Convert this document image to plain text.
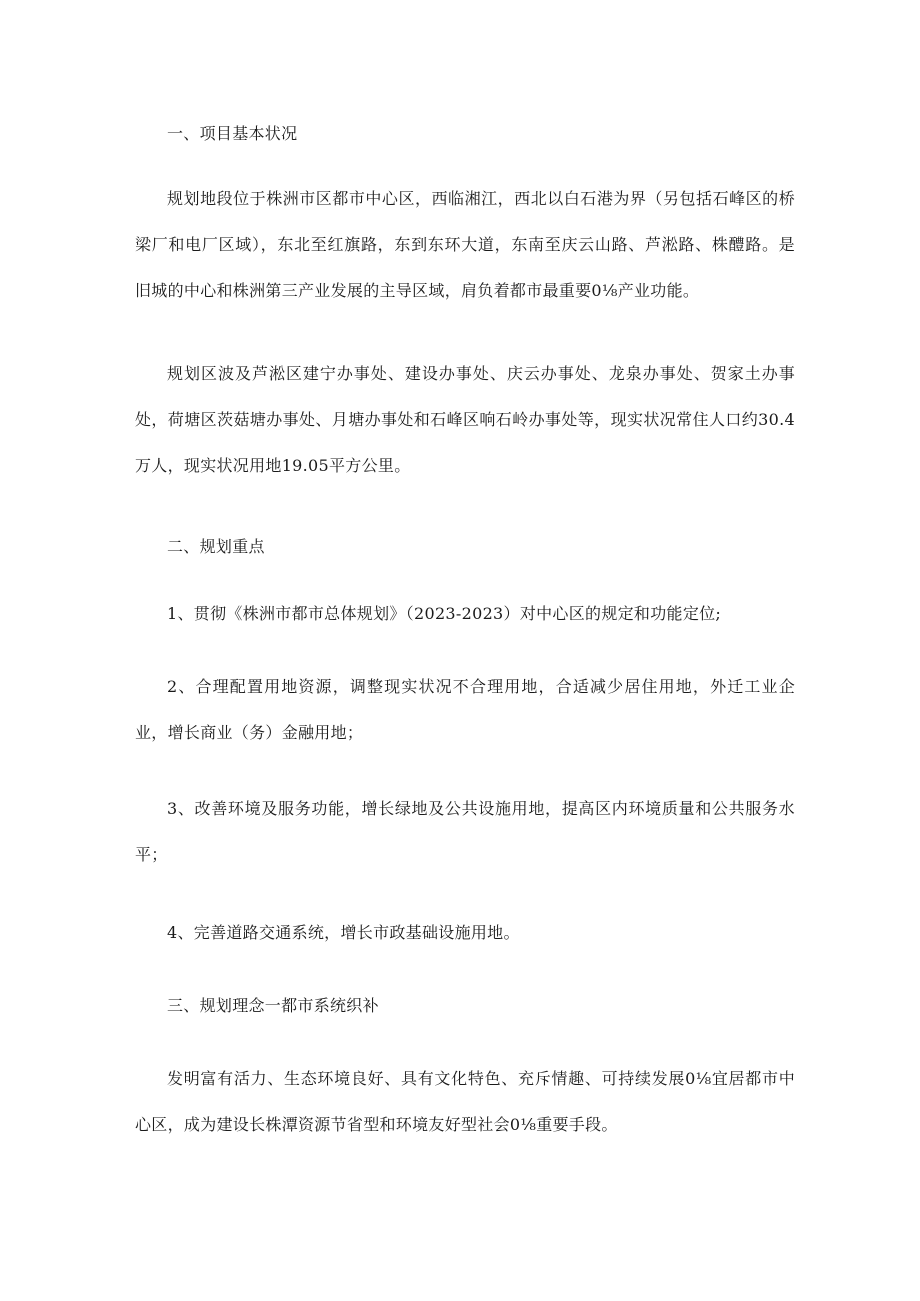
一、项目基本状况

规划地段位于株洲市区都市中心区，西临湘江，西北以白石港为界（另包括石峰区的桥梁厂和电厂区域），东北至红旗路，东到东环大道，东南至庆云山路、芦淞路、株醴路。是旧城的中心和株洲第三产业发展的主导区域，肩负着都市最重要0⅛产业功能。

规划区波及芦淞区建宁办事处、建设办事处、庆云办事处、龙泉办事处、贺家土办事处，荷塘区茨菇塘办事处、月塘办事处和石峰区响石岭办事处等，现实状况常住人口约30.4万人，现实状况用地19.05平方公里。

二、规划重点

1、贯彻《株洲市都市总体规划》（2023-2023）对中心区的规定和功能定位;

2、合理配置用地资源，调整现实状况不合理用地，合适减少居住用地，外迁工业企业，增长商业（务）金融用地；

3、改善环境及服务功能，增长绿地及公共设施用地，提高区内环境质量和公共服务水平；

4、完善道路交通系统，增长市政基础设施用地。

三、规划理念一都市系统织补

发明富有活力、生态环境良好、具有文化特色、充斥情趣、可持续发展0⅛宜居都市中心区，成为建设长株潭资源节省型和环境友好型社会0⅛重要手段。
